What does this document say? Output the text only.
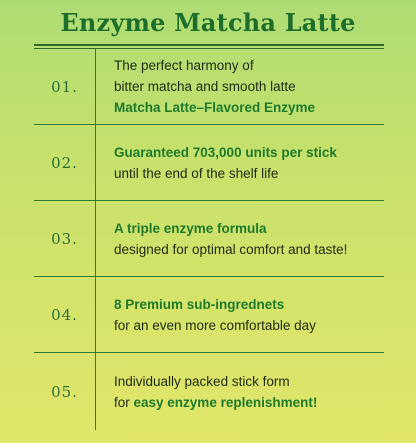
Enzyme Matcha Latte
01.
The perfect harmony of
bitter matcha and smooth latte
Matcha Latte–Flavored Enzyme
02.
Guaranteed 703,000 units per stick
until the end of the shelf life
03.
A triple enzyme formula
designed for optimal comfort and taste!
04.
8 Premium sub-ingrednets
for an even more comfortable day
05.
Individually packed stick form
for easy enzyme replenishment!
